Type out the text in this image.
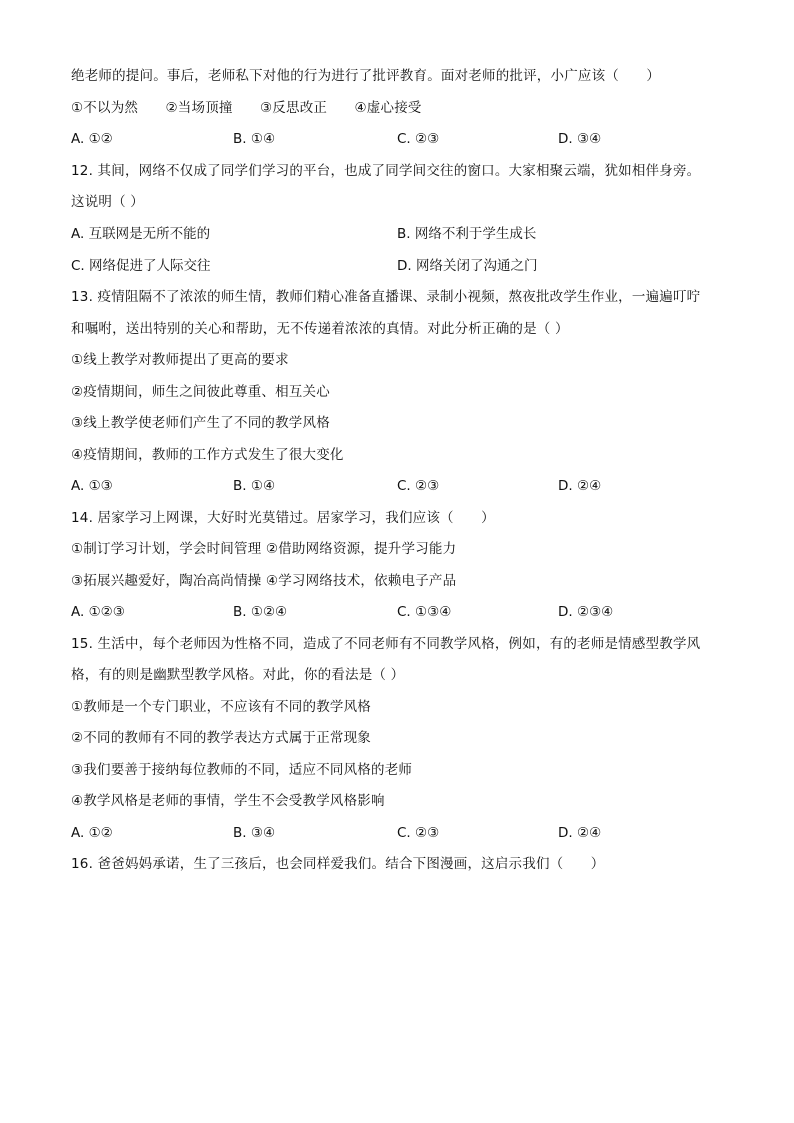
绝老师的提问。事后，老师私下对他的行为进行了批评教育。面对老师的批评，小广应该（　　）
①不以为然　　②当场顶撞　　③反思改正　　④虚心接受
A. ①②	B. ①④	C. ②③	D. ③④
12. 其间，网络不仅成了同学们学习的平台，也成了同学间交往的窗口。大家相聚云端，犹如相伴身旁。
这说明（ ）
A. 互联网是无所不能的	B. 网络不利于学生成长
C. 网络促进了人际交往	D. 网络关闭了沟通之门
13. 疫情阻隔不了浓浓的师生情，教师们精心准备直播课、录制小视频，熬夜批改学生作业，一遍遍叮咛
和嘱咐，送出特别的关心和帮助，无不传递着浓浓的真情。对此分析正确的是（ ）
①线上教学对教师提出了更高的要求
②疫情期间，师生之间彼此尊重、相互关心
③线上教学使老师们产生了不同的教学风格
④疫情期间，教师的工作方式发生了很大变化
A. ①③	B. ①④	C. ②③	D. ②④
14. 居家学习上网课，大好时光莫错过。居家学习，我们应该（　　）
①制订学习计划，学会时间管理 ②借助网络资源，提升学习能力
③拓展兴趣爱好，陶冶高尚情操 ④学习网络技术，依赖电子产品
A. ①②③	B. ①②④	C. ①③④	D. ②③④
15. 生活中，每个老师因为性格不同，造成了不同老师有不同教学风格，例如，有的老师是情感型教学风
格，有的则是幽默型教学风格。对此，你的看法是（ ）
①教师是一个专门职业，不应该有不同的教学风格
②不同的教师有不同的教学表达方式属于正常现象
③我们要善于接纳每位教师的不同，适应不同风格的老师
④教学风格是老师的事情，学生不会受教学风格影响
A. ①②	B. ③④	C. ②③	D. ②④
16. 爸爸妈妈承诺，生了三孩后，也会同样爱我们。结合下图漫画，这启示我们（　　）
